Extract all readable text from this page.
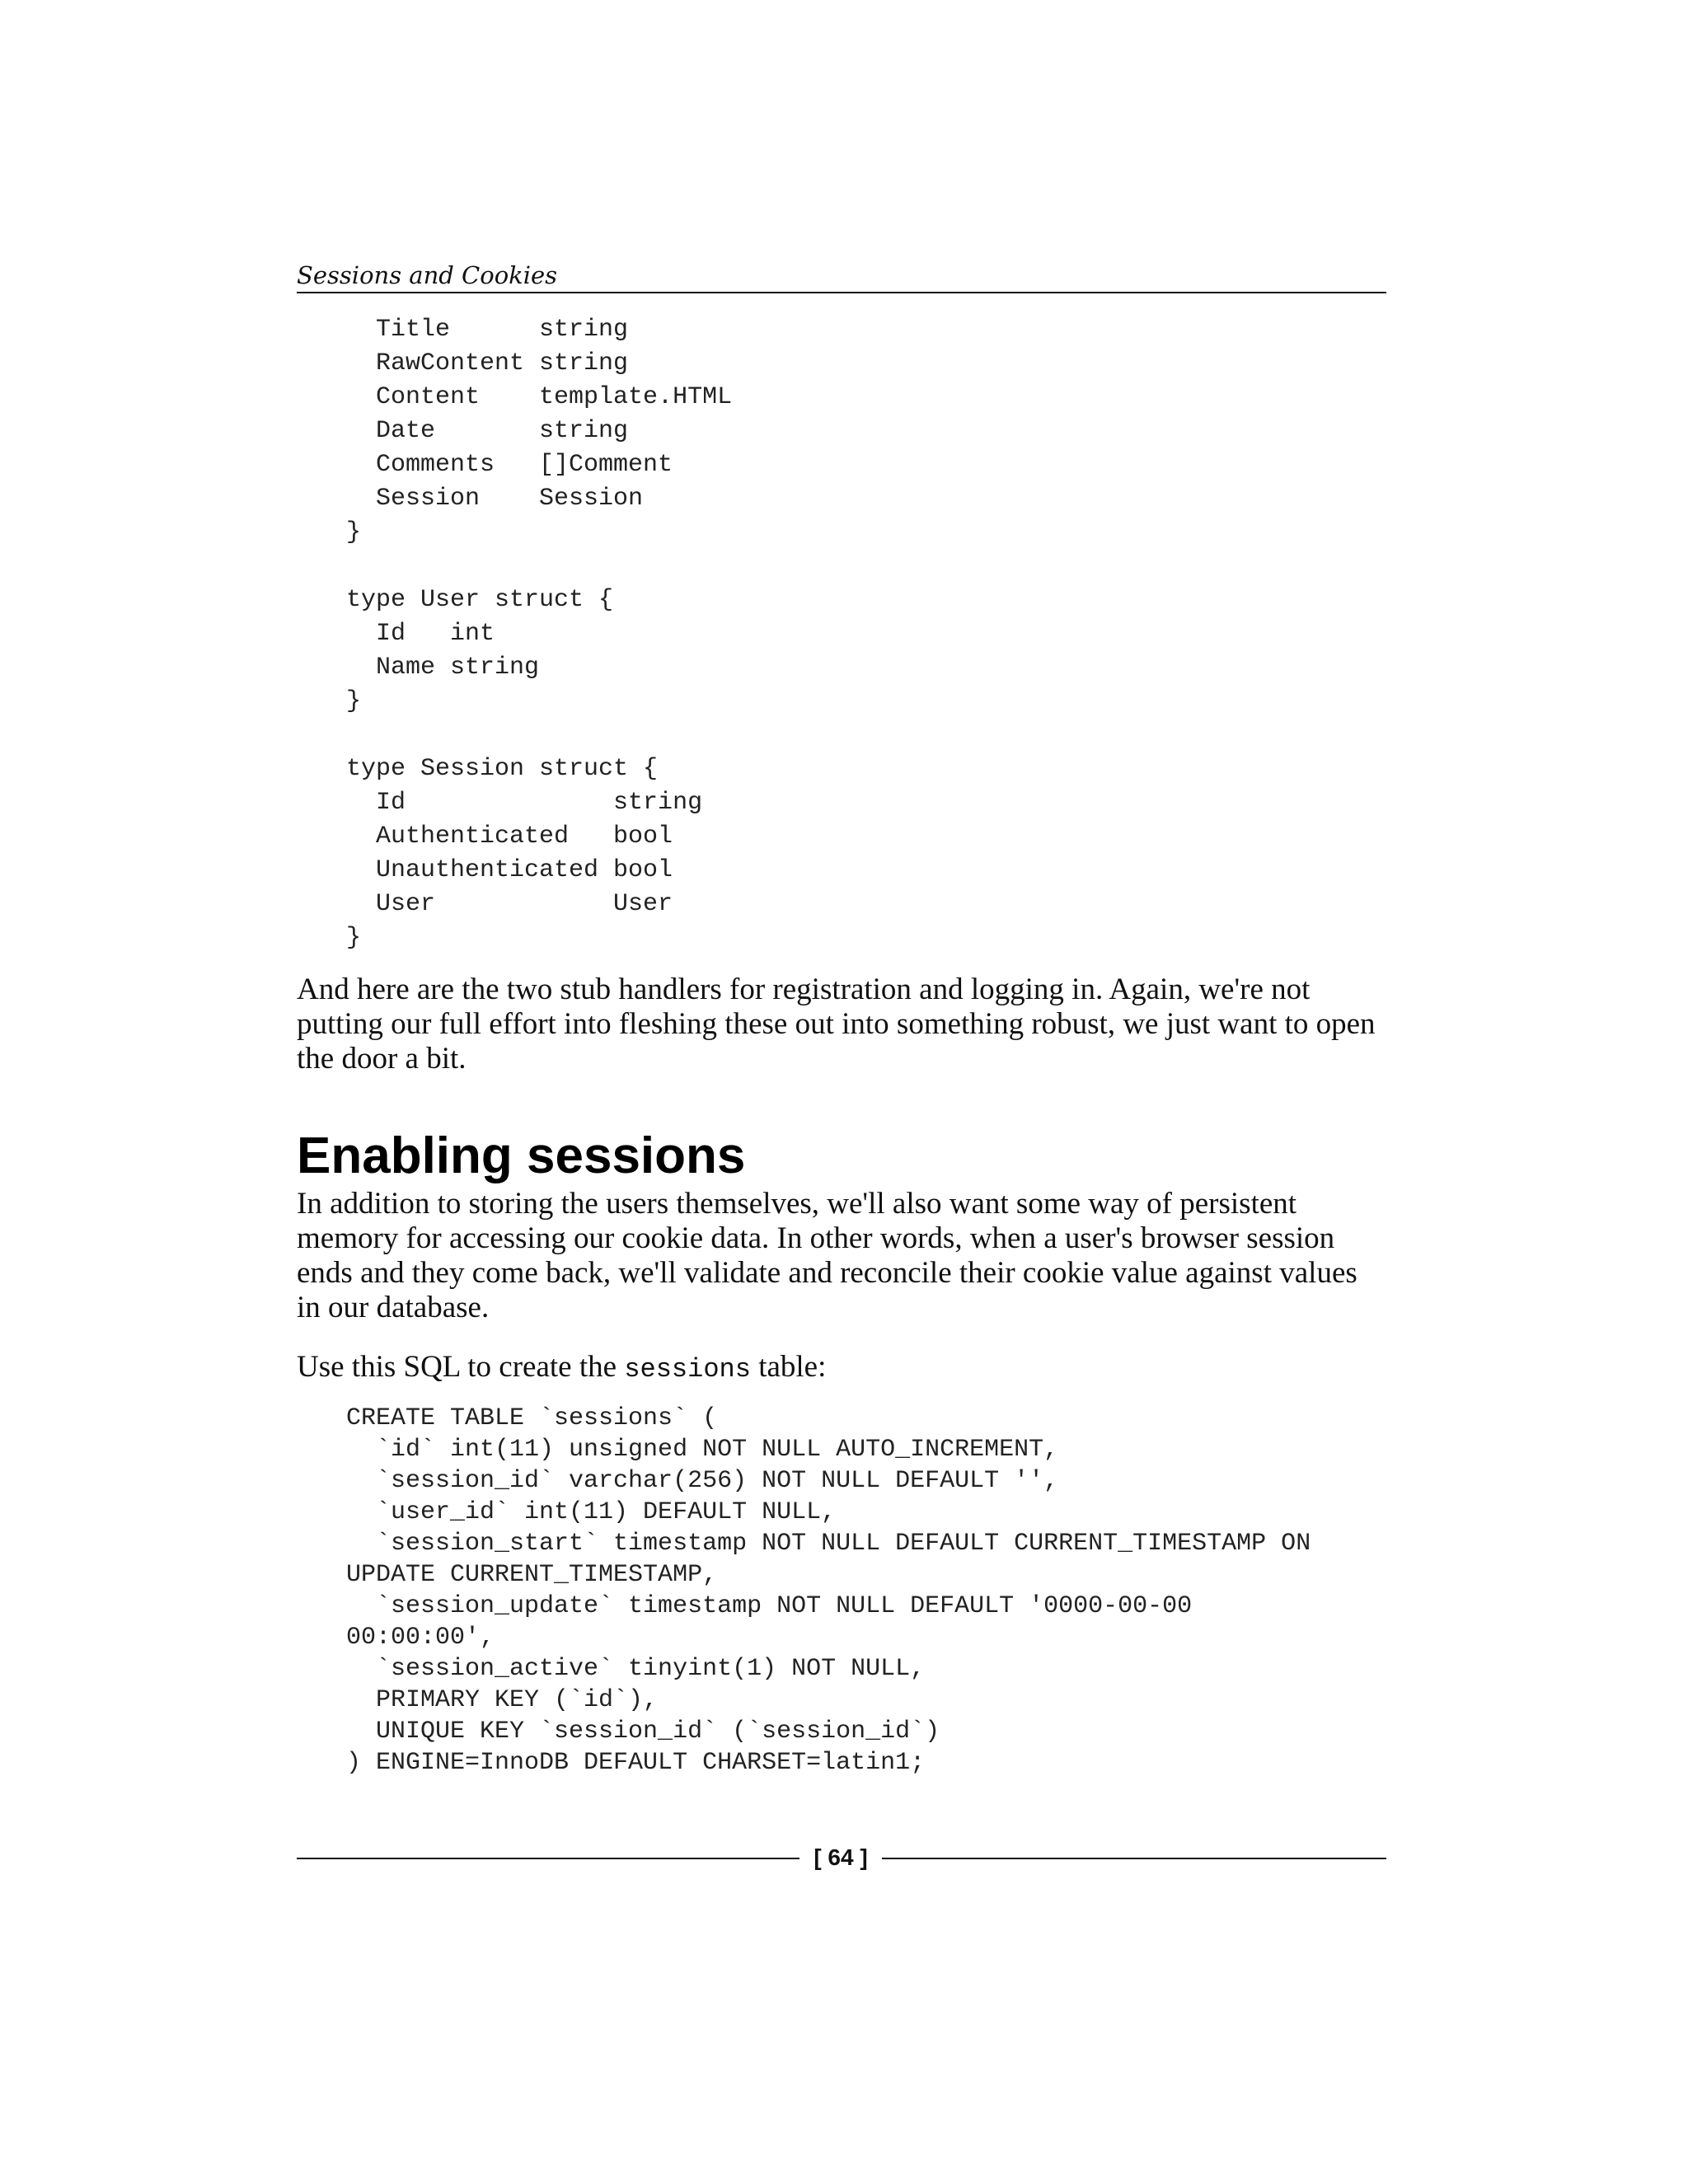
Sessions and Cookies
Title      string
RawContent string
Content    template.HTML
Date       string
Comments   []Comment
Session    Session
}

type User struct {
Id   int
Name string
}

type Session struct {
Id              string
Authenticated   bool
Unauthenticated bool
User            User
}

And here are the two stub handlers for registration and logging in. Again, we're not putting our full effort into fleshing these out into something robust, we just want to open the door a bit.

Enabling sessions

In addition to storing the users themselves, we'll also want some way of persistent memory for accessing our cookie data. In other words, when a user's browser session ends and they come back, we'll validate and reconcile their cookie value against values in our database.

Use this SQL to create the sessions table:

CREATE TABLE `sessions` (
`id` int(11) unsigned NOT NULL AUTO_INCREMENT,
`session_id` varchar(256) NOT NULL DEFAULT '',
`user_id` int(11) DEFAULT NULL,
`session_start` timestamp NOT NULL DEFAULT CURRENT_TIMESTAMP ON
UPDATE CURRENT_TIMESTAMP,
`session_update` timestamp NOT NULL DEFAULT '0000-00-00
00:00:00',
`session_active` tinyint(1) NOT NULL,
PRIMARY KEY (`id`),
UNIQUE KEY `session_id` (`session_id`)
) ENGINE=InnoDB DEFAULT CHARSET=latin1;
[ 64 ]
